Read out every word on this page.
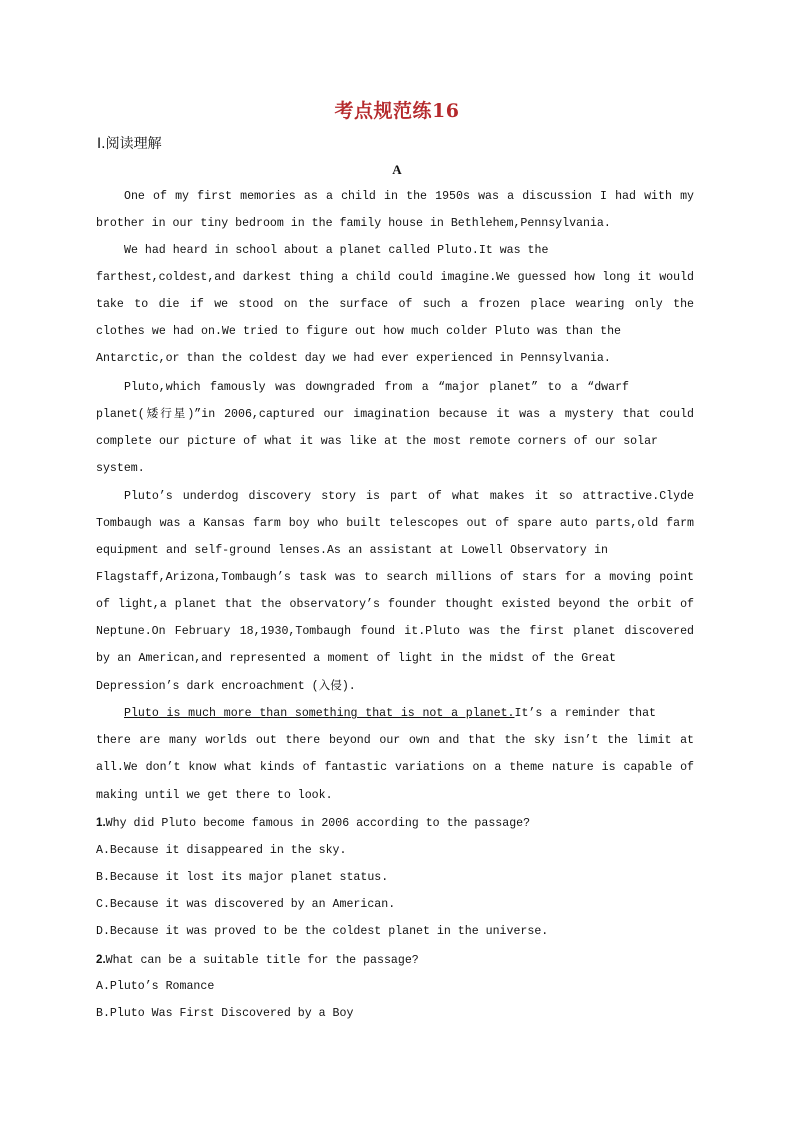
考点规范练16
Ⅰ.阅读理解
A

One of my first memories as a child in the 1950s was a discussion I had with my

brother in our tiny bedroom in the family house in Bethlehem,Pennsylvania.

We had heard in school about a planet called Pluto.It was the

farthest,coldest,and darkest thing a child could imagine.We guessed how long it would

take to die if we stood on the surface of such a frozen place wearing only the

clothes we had on.We tried to figure out how much colder Pluto was than the

Antarctic,or than the coldest day we had ever experienced in Pennsylvania.

Pluto,which famously was downgraded from a “major planet” to a “dwarf

planet(矮行星)”in 2006,captured our imagination because it was a mystery that could

complete our picture of what it was like at the most remote corners of our solar

system.

Pluto’s underdog discovery story is part of what makes it so attractive.Clyde

Tombaugh was a Kansas farm boy who built telescopes out of spare auto parts,old farm

equipment and self-ground lenses.As an assistant at Lowell Observatory in

Flagstaff,Arizona,Tombaugh’s task was to search millions of stars for a moving point

of light,a planet that the observatory’s founder thought existed beyond the orbit of

Neptune.On February 18,1930,Tombaugh found it.Pluto was the first planet discovered

by an American,and represented a moment of light in the midst of the Great

Depression’s dark encroachment (入侵).

Pluto is much more than something that is not a planet.It’s a reminder that

there are many worlds out there beyond our own and that the sky isn’t the limit at

all.We don’t know what kinds of fantastic variations on a theme nature is capable of

making until we get there to look.

1.Why did Pluto become famous in 2006 according to the passage?

A.Because it disappeared in the sky.

B.Because it lost its major planet status.

C.Because it was discovered by an American.

D.Because it was proved to be the coldest planet in the universe.

2.What can be a suitable title for the passage?

A.Pluto’s Romance

B.Pluto Was First Discovered by a Boy
